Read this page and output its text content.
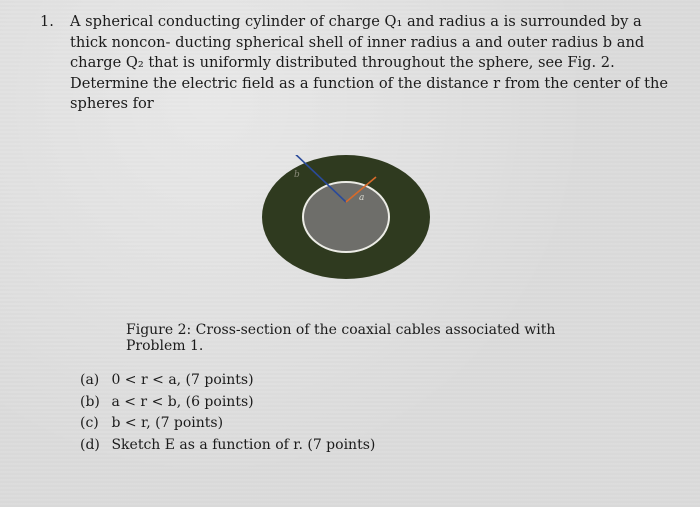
1. A spherical conducting cylinder of charge Q₁ and radius a is surrounded by a thick noncon- ducting spherical shell of inner radius a and outer radius b and charge Q₂ that is uniformly distributed throughout the sphere, see Fig. 2. Determine the electric field as a function of the distance r from the center of the spheres for
b
a
Figure 2: Cross-section of the coaxial cables associated with Problem 1.
(a) 0 < r < a, (7 points)
(b) a < r < b, (6 points)
(c) b < r, (7 points)
(d) Sketch E as a function of r. (7 points)
